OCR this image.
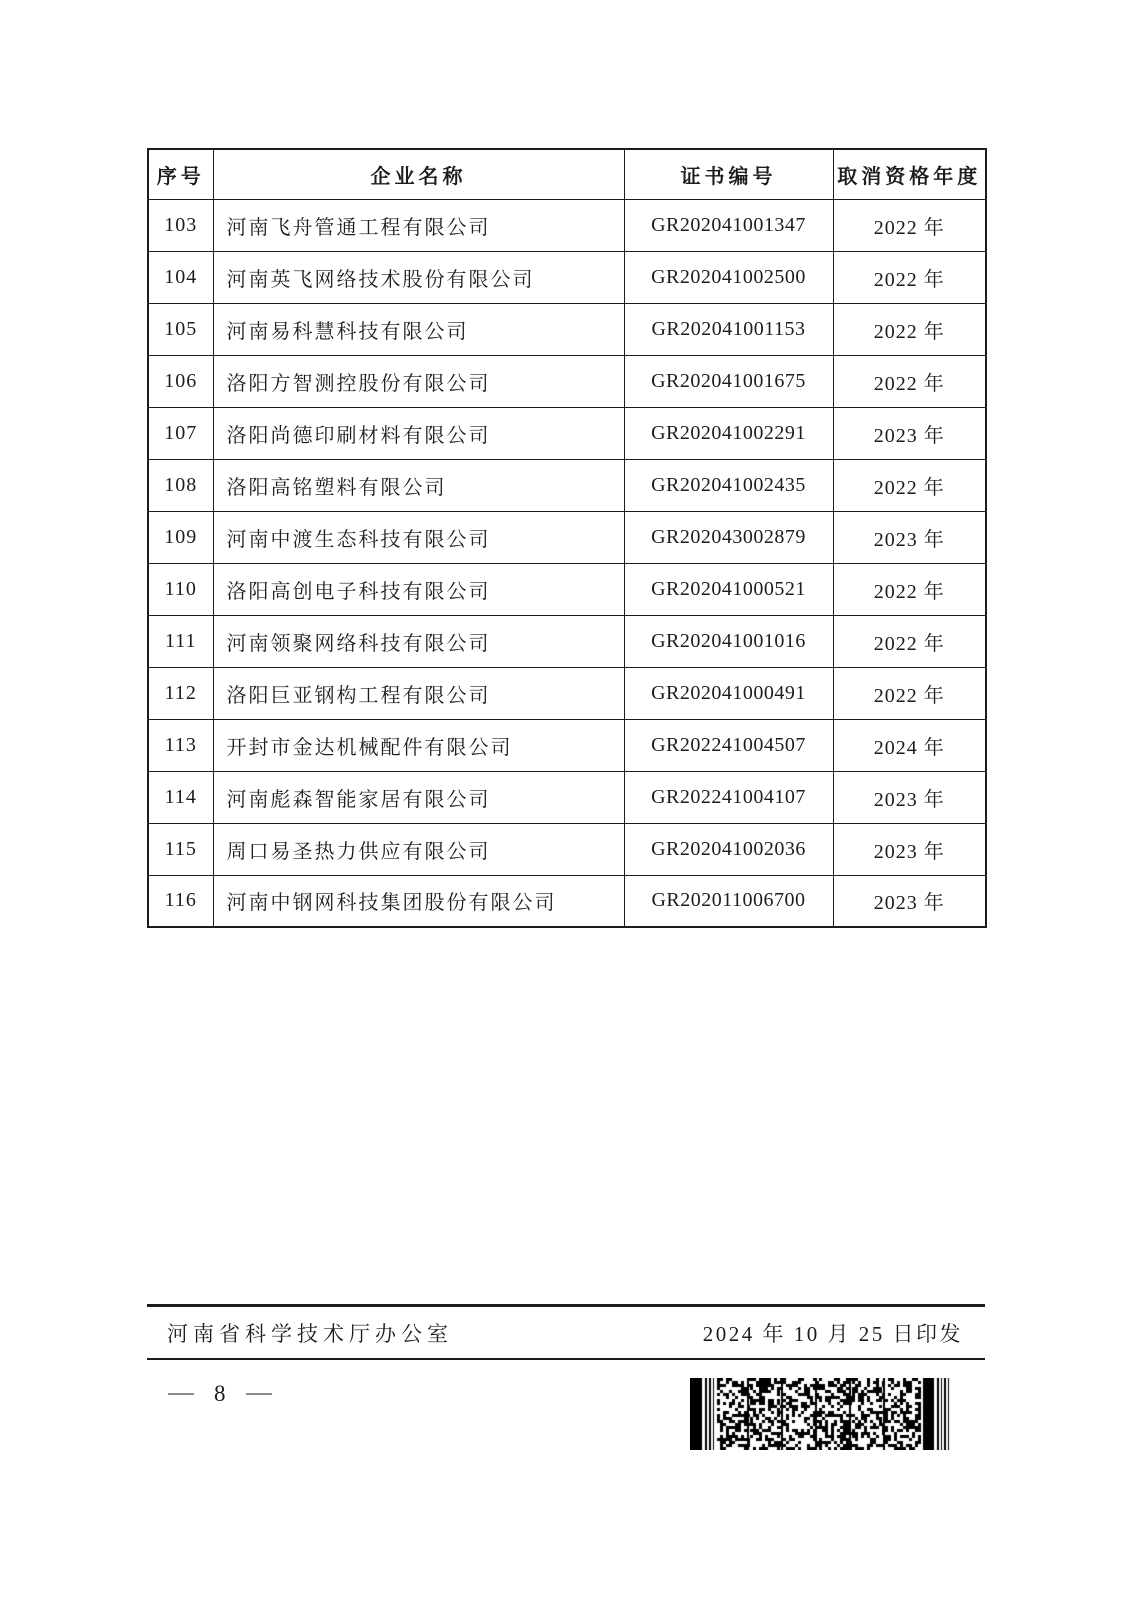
序号	企业名称	证书编号	取消资格年度
103	河南飞舟管通工程有限公司	GR202041001347	2022 年
104	河南英飞网络技术股份有限公司	GR202041002500	2022 年
105	河南易科慧科技有限公司	GR202041001153	2022 年
106	洛阳方智测控股份有限公司	GR202041001675	2022 年
107	洛阳尚德印刷材料有限公司	GR202041002291	2023 年
108	洛阳高铭塑料有限公司	GR202041002435	2022 年
109	河南中渡生态科技有限公司	GR202043002879	2023 年
110	洛阳高创电子科技有限公司	GR202041000521	2022 年
111	河南领聚网络科技有限公司	GR202041001016	2022 年
112	洛阳巨亚钢构工程有限公司	GR202041000491	2022 年
113	开封市金达机械配件有限公司	GR202241004507	2024 年
114	河南彪森智能家居有限公司	GR202241004107	2023 年
115	周口易圣热力供应有限公司	GR202041002036	2023 年
116	河南中钢网科技集团股份有限公司	GR202011006700	2023 年
河南省科学技术厅办公室	2024 年 10 月 25 日印发
8
